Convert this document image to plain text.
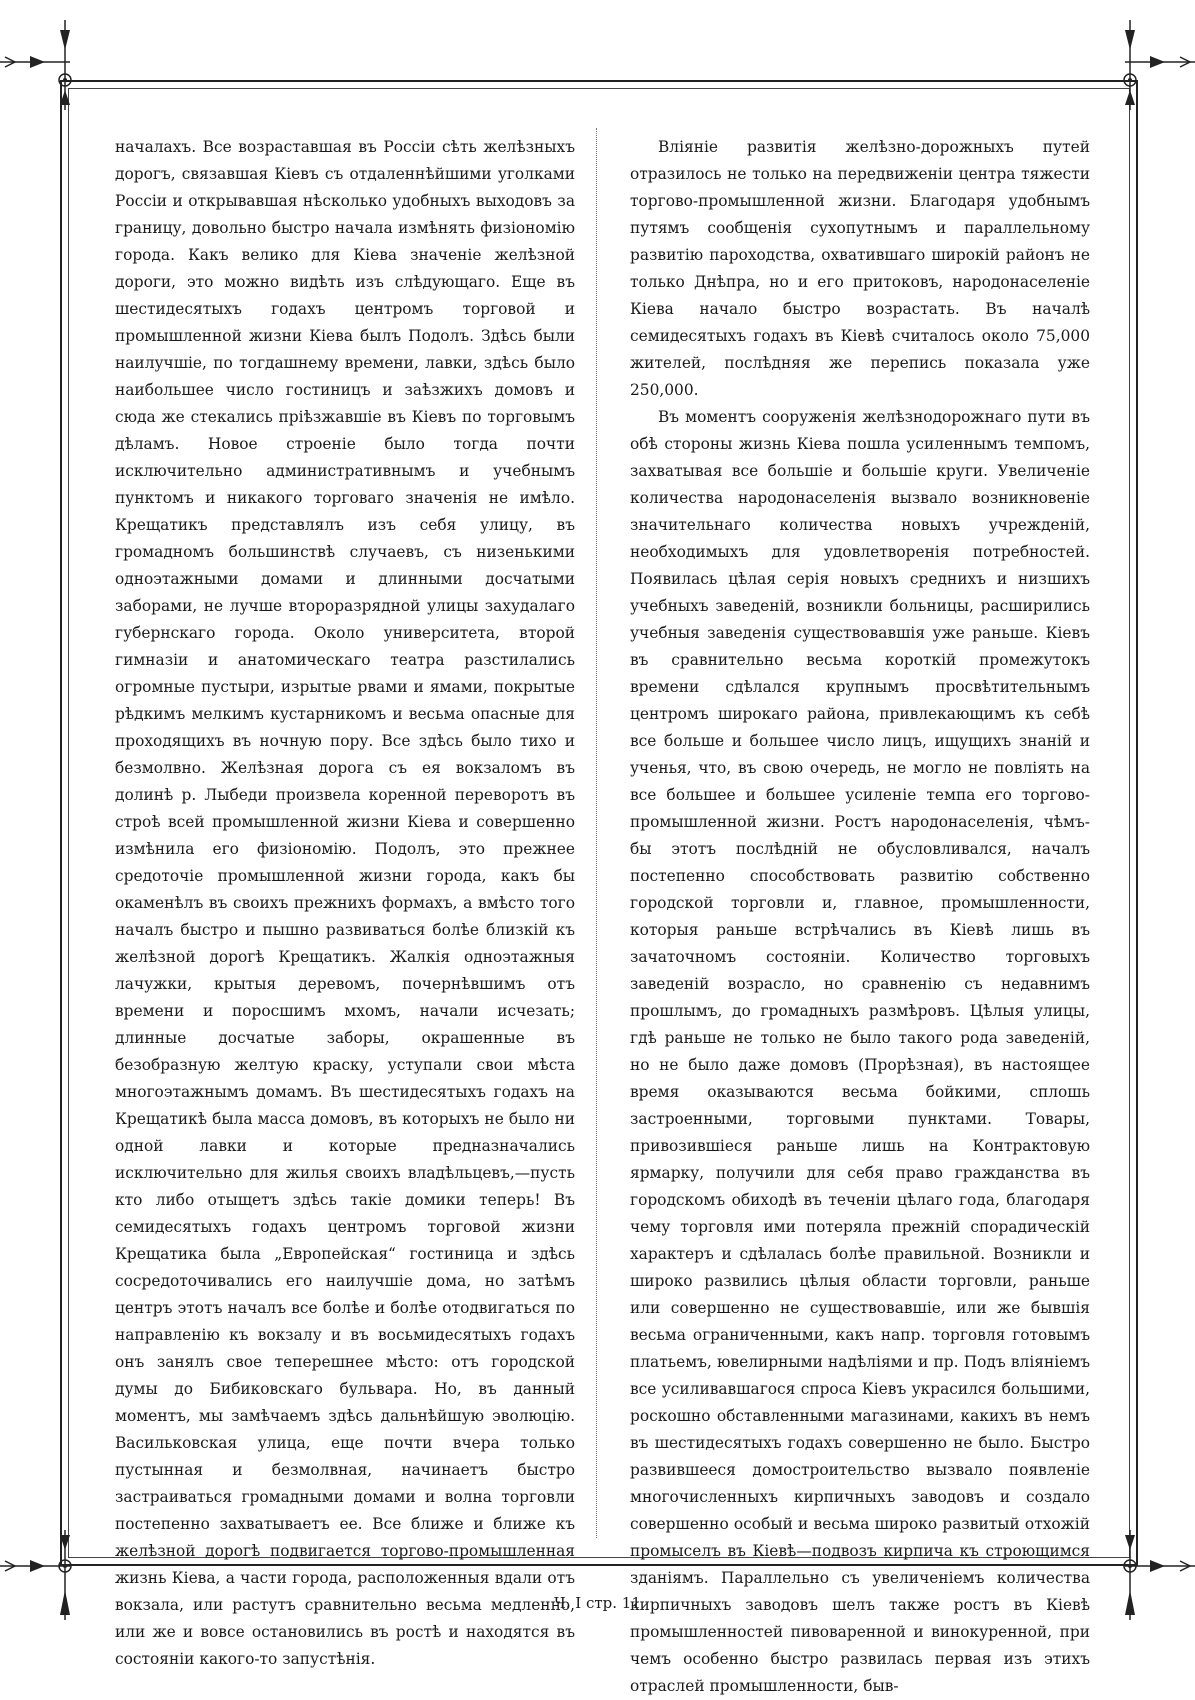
началахъ. Все возраставшая въ Россіи сѣть желѣзныхъ дорогъ, связавшая Кіевъ съ отдаленнѣйшими уголками Россіи и открывавшая нѣсколько удобныхъ выходовъ за границу, довольно быстро начала измѣнять физіономію города. Какъ велико для Кіева значеніе желѣзной дороги, это можно видѣть изъ слѣдующаго. Еще въ шестидесятыхъ годахъ центромъ торговой и промышленной жизни Кіева былъ Подолъ. Здѣсь были наилучшіе, по тогдашнему времени, лавки, здѣсь было наибольшее число гостиницъ и заѣзжихъ домовъ и сюда же стекались пріѣзжавшіе въ Кіевъ по торговымъ дѣламъ. Новое строеніе было тогда почти исключительно административнымъ и учебнымъ пунктомъ и никакого торговаго значенія не имѣло. Крещатикъ представлялъ изъ себя улицу, въ громадномъ большинствѣ случаевъ, съ низенькими одноэтажными домами и длинными досчатыми заборами, не лучше второразрядной улицы захудалаго губернскаго города. Около университета, второй гимназіи и анатомическаго театра разстилались огромные пустыри, изрытые рвами и ямами, покрытые рѣдкимъ мелкимъ кустарникомъ и весьма опасные для проходящихъ въ ночную пору. Все здѣсь было тихо и безмолвно. Желѣзная дорога съ ея вокзаломъ въ долинѣ р. Лыбеди произвела коренной переворотъ въ строѣ всей промышленной жизни Кіева и совершенно измѣнила его физіономію. Подолъ, это прежнее средоточіе промышленной жизни города, какъ бы окаменѣлъ въ своихъ прежнихъ формахъ, а вмѣсто того началъ быстро и пышно развиваться болѣе близкій къ желѣзной дорогѣ Крещатикъ. Жалкія одноэтажныя лачужки, крытыя деревомъ, почернѣвшимъ отъ времени и поросшимъ мхомъ, начали исчезать; длинные досчатые заборы, окрашенные въ безобразную желтую краску, уступали свои мѣста многоэтажнымъ домамъ. Въ шестидесятыхъ годахъ на Крещатикѣ была масса домовъ, въ которыхъ не было ни одной лавки и которые предназначались исключительно для жилья своихъ владѣльцевъ,—пусть кто либо отыщетъ здѣсь такіе домики теперь! Въ семидесятыхъ годахъ центромъ торговой жизни Крещатика была „Европейская“ гостиница и здѣсь сосредоточивались его наилучшіе дома, но затѣмъ центръ этотъ началъ все болѣе и болѣе отодвигаться по направленію къ вокзалу и въ восьмидесятыхъ годахъ онъ занялъ свое теперешнее мѣсто: отъ городской думы до Бибиковскаго бульвара. Но, въ данный моментъ, мы замѣчаемъ здѣсь дальнѣйшую эволюцію. Васильковская улица, еще почти вчера только пустынная и безмолвная, начинаетъ быстро застраиваться громадными домами и волна торговли постепенно захватываетъ ее. Все ближе и ближе къ желѣзной дорогѣ подвигается торгово-промышленная жизнь Кіева, а части города, расположенныя вдали отъ вокзала, или растутъ сравнительно весьма медленно, или же и вовсе остановились въ ростѣ и находятся въ состояніи какого-то запустѣнія.

Вліяніе развитія желѣзно-дорожныхъ путей отразилось не только на передвиженіи центра тяжести торгово-промышленной жизни. Благодаря удобнымъ путямъ сообщенія сухопутнымъ и параллельному развитію пароходства, охватившаго широкій районъ не только Днѣпра, но и его притоковъ, народонаселеніе Кіева начало быстро возрастать. Въ началѣ семидесятыхъ годахъ въ Кіевѣ считалось около 75,000 жителей, послѣдняя же перепись показала уже 250,000.

Въ моментъ сооруженія желѣзнодорожнаго пути въ обѣ стороны жизнь Кіева пошла усиленнымъ темпомъ, захватывая все большіе и большіе круги. Увеличеніе количества народонаселенія вызвало возникновеніе значительнаго количества новыхъ учрежденій, необходимыхъ для удовлетворенія потребностей. Появилась цѣлая серія новыхъ среднихъ и низшихъ учебныхъ заведеній, возникли больницы, расширились учебныя заведенія существовавшія уже раньше. Кіевъ въ сравнительно весьма короткій промежутокъ времени сдѣлался крупнымъ просвѣтительнымъ центромъ широкаго района, привлекающимъ къ себѣ все больше и большее число лицъ, ищущихъ знаній и ученья, что, въ свою очередь, не могло не повліять на все большее и большее усиленіе темпа его торгово-промышленной жизни. Ростъ народонаселенія, чѣмъ-бы этотъ послѣдній не обусловливался, началъ постепенно способствовать развитію собственно городской торговли и, главное, промышленности, которыя раньше встрѣчались въ Кіевѣ лишь въ зачаточномъ состояніи. Количество торговыхъ заведеній возрасло, но сравненію съ недавнимъ прошлымъ, до громадныхъ размѣровъ. Цѣлыя улицы, гдѣ раньше не только не было такого рода заведеній, но не было даже домовъ (Прорѣзная), въ настоящее время оказываются весьма бойкими, сплошь застроенными, торговыми пунктами. Товары, привозившіеся раньше лишь на Контрактовую ярмарку, получили для себя право гражданства въ городскомъ обиходѣ въ теченіи цѣлаго года, благодаря чему торговля ими потеряла прежній спорадическій характеръ и сдѣлалась болѣе правильной. Возникли и широко развились цѣлыя области торговли, раньше или совершенно не существовавшіе, или же бывшія весьма ограниченными, какъ напр. торговля готовымъ платьемъ, ювелирными надѣліями и пр. Подъ вліяніемъ все усиливавшагося спроса Кіевъ украсился большими, роскошно обставленными магазинами, какихъ въ немъ въ шестидесятыхъ годахъ совершенно не было. Быстро развившееся домостроительство вызвало появленіе многочисленныхъ кирпичныхъ заводовъ и создало совершенно особый и весьма широко развитый отхожій промыселъ въ Кіевѣ—подвозъ кирпича къ строющимся зданіямъ. Параллельно съ увеличеніемъ количества кирпичныхъ заводовъ шелъ также ростъ въ Кіевѣ промышленностей пивоваренной и винокуренной, при чемъ особенно быстро развилась первая изъ этихъ отраслей промышленности, быв-

Ч. I стр. 11
